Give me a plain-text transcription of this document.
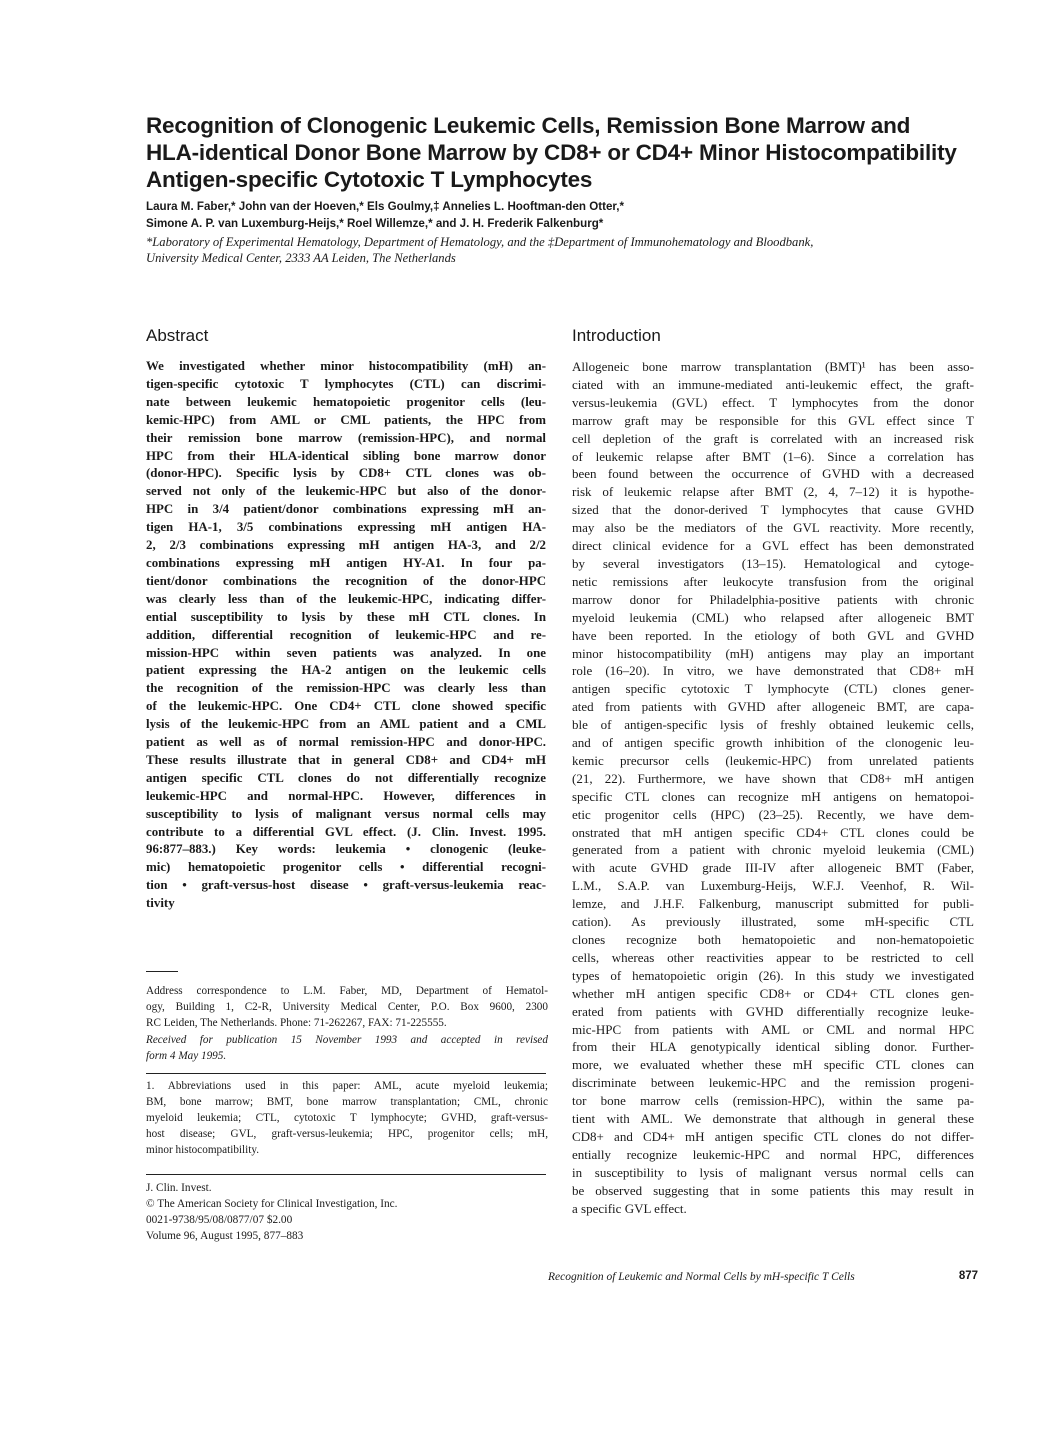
Recognition of Clonogenic Leukemic Cells, Remission Bone Marrow and
HLA-identical Donor Bone Marrow by CD8+ or CD4+ Minor Histocompatibility
Antigen-specific Cytotoxic T Lymphocytes
Laura M. Faber,* John van der Hoeven,* Els Goulmy,‡ Annelies L. Hooftman-den Otter,*
Simone A. P. van Luxemburg-Heijs,* Roel Willemze,* and J. H. Frederik Falkenburg*
*Laboratory of Experimental Hematology, Department of Hematology, and the ‡Department of Immunohematology and Bloodbank,
University Medical Center, 2333 AA Leiden, The Netherlands
Abstract
We investigated whether minor histocompatibility (mH) an-
tigen-specific cytotoxic T lymphocytes (CTL) can discrimi-
nate between leukemic hematopoietic progenitor cells (leu-
kemic-HPC) from AML or CML patients, the HPC from
their remission bone marrow (remission-HPC), and normal
HPC from their HLA-identical sibling bone marrow donor
(donor-HPC). Specific lysis by CD8+ CTL clones was ob-
served not only of the leukemic-HPC but also of the donor-
HPC in 3/4 patient/donor combinations expressing mH an-
tigen HA-1, 3/5 combinations expressing mH antigen HA-
2, 2/3 combinations expressing mH antigen HA-3, and 2/2
combinations expressing mH antigen HY-A1. In four pa-
tient/donor combinations the recognition of the donor-HPC
was clearly less than of the leukemic-HPC, indicating differ-
ential susceptibility to lysis by these mH CTL clones. In
addition, differential recognition of leukemic-HPC and re-
mission-HPC within seven patients was analyzed. In one
patient expressing the HA-2 antigen on the leukemic cells
the recognition of the remission-HPC was clearly less than
of the leukemic-HPC. One CD4+ CTL clone showed specific
lysis of the leukemic-HPC from an AML patient and a CML
patient as well as of normal remission-HPC and donor-HPC.
These results illustrate that in general CD8+ and CD4+ mH
antigen specific CTL clones do not differentially recognize
leukemic-HPC and normal-HPC. However, differences in
susceptibility to lysis of malignant versus normal cells may
contribute to a differential GVL effect. (J. Clin. Invest. 1995.
96:877–883.) Key words: leukemia • clonogenic (leuke-
mic) hematopoietic progenitor cells • differential recogni-
tion • graft-versus-host disease • graft-versus-leukemia reac-
tivity
Address correspondence to L.M. Faber, MD, Department of Hematol-
ogy, Building 1, C2-R, University Medical Center, P.O. Box 9600, 2300
RC Leiden, The Netherlands. Phone: 71-262267, FAX: 71-225555.
Received for publication 15 November 1993 and accepted in revised
form 4 May 1995.
1. Abbreviations used in this paper: AML, acute myeloid leukemia;
BM, bone marrow; BMT, bone marrow transplantation; CML, chronic
myeloid leukemia; CTL, cytotoxic T lymphocyte; GVHD, graft-versus-
host disease; GVL, graft-versus-leukemia; HPC, progenitor cells; mH,
minor histocompatibility.
J. Clin. Invest.
© The American Society for Clinical Investigation, Inc.
0021-9738/95/08/0877/07 $2.00
Volume 96, August 1995, 877–883
Introduction
Allogeneic bone marrow transplantation (BMT)¹ has been asso-
ciated with an immune-mediated anti-leukemic effect, the graft-
versus-leukemia (GVL) effect. T lymphocytes from the donor
marrow graft may be responsible for this GVL effect since T
cell depletion of the graft is correlated with an increased risk
of leukemic relapse after BMT (1–6). Since a correlation has
been found between the occurrence of GVHD with a decreased
risk of leukemic relapse after BMT (2, 4, 7–12) it is hypothe-
sized that the donor-derived T lymphocytes that cause GVHD
may also be the mediators of the GVL reactivity. More recently,
direct clinical evidence for a GVL effect has been demonstrated
by several investigators (13–15). Hematological and cytoge-
netic remissions after leukocyte transfusion from the original
marrow donor for Philadelphia-positive patients with chronic
myeloid leukemia (CML) who relapsed after allogeneic BMT
have been reported. In the etiology of both GVL and GVHD
minor histocompatibility (mH) antigens may play an important
role (16–20). In vitro, we have demonstrated that CD8+ mH
antigen specific cytotoxic T lymphocyte (CTL) clones gener-
ated from patients with GVHD after allogeneic BMT, are capa-
ble of antigen-specific lysis of freshly obtained leukemic cells,
and of antigen specific growth inhibition of the clonogenic leu-
kemic precursor cells (leukemic-HPC) from unrelated patients
(21, 22). Furthermore, we have shown that CD8+ mH antigen
specific CTL clones can recognize mH antigens on hematopoi-
etic progenitor cells (HPC) (23–25). Recently, we have dem-
onstrated that mH antigen specific CD4+ CTL clones could be
generated from a patient with chronic myeloid leukemia (CML)
with acute GVHD grade III-IV after allogeneic BMT (Faber,
L.M., S.A.P. van Luxemburg-Heijs, W.F.J. Veenhof, R. Wil-
lemze, and J.H.F. Falkenburg, manuscript submitted for publi-
cation). As previously illustrated, some mH-specific CTL
clones recognize both hematopoietic and non-hematopoietic
cells, whereas other reactivities appear to be restricted to cell
types of hematopoietic origin (26). In this study we investigated
whether mH antigen specific CD8+ or CD4+ CTL clones gen-
erated from patients with GVHD differentially recognize leuke-
mic-HPC from patients with AML or CML and normal HPC
from their HLA genotypically identical sibling donor. Further-
more, we evaluated whether these mH specific CTL clones can
discriminate between leukemic-HPC and the remission progeni-
tor bone marrow cells (remission-HPC), within the same pa-
tient with AML. We demonstrate that although in general these
CD8+ and CD4+ mH antigen specific CTL clones do not differ-
entially recognize leukemic-HPC and normal HPC, differences
in susceptibility to lysis of malignant versus normal cells can
be observed suggesting that in some patients this may result in
a specific GVL effect.
Recognition of Leukemic and Normal Cells by mH-specific T Cells	877
